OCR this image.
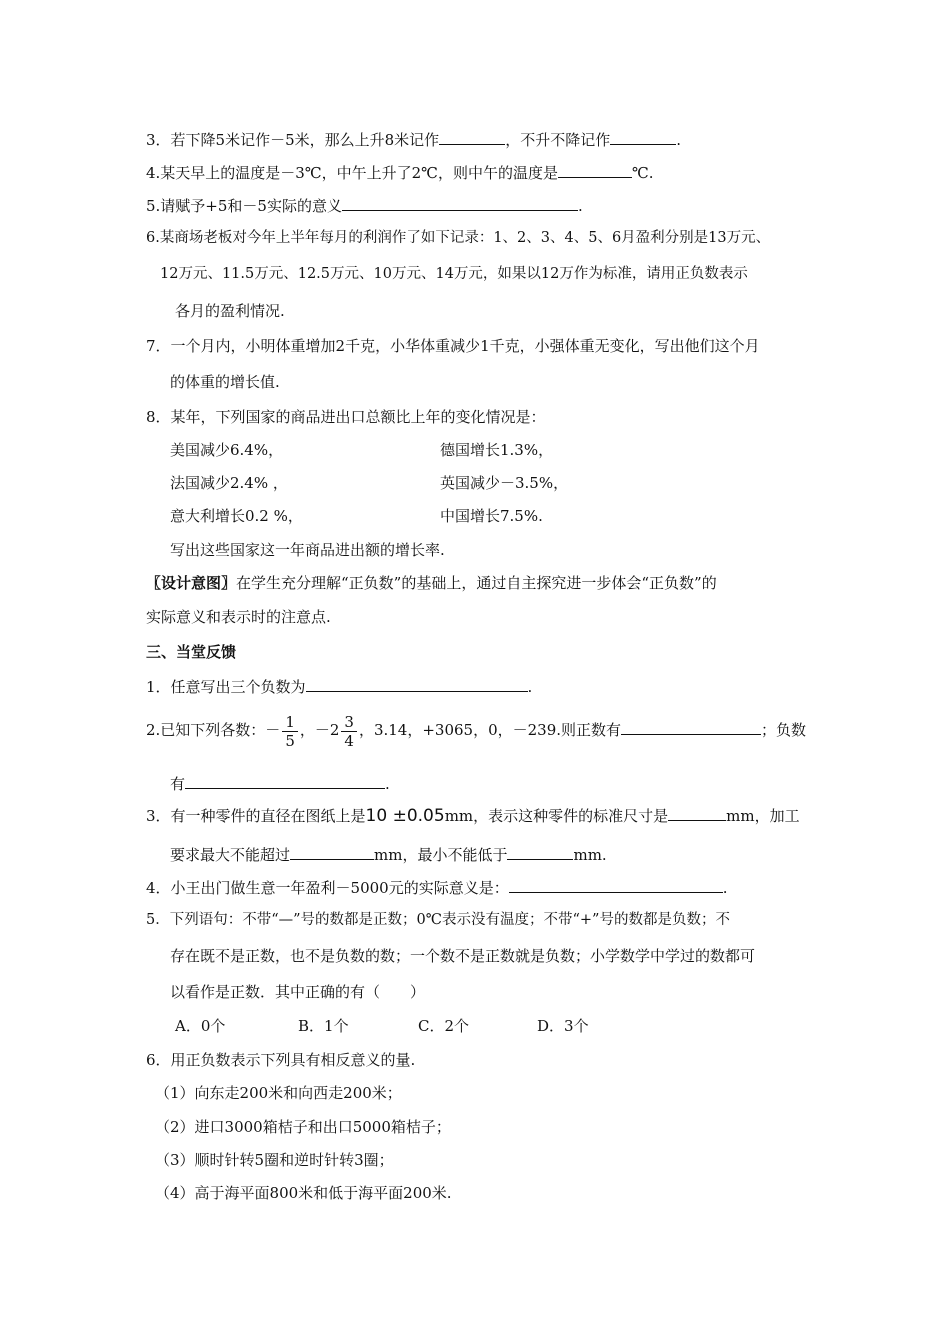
3．若下降5米记作－5米，那么上升8米记作	，不升不降记作	.
4.某天早上的温度是－3℃，中午上升了2℃，则中午的温度是	℃.
5.请赋予+5和－5实际的意义	.
6.某商场老板对今年上半年每月的利润作了如下记录：1、2、3、4、5、6月盈利分别是13万元、
12万元、11.5万元、12.5万元、10万元、14万元，如果以12万作为标准，请用正负数表示
各月的盈利情况.
7．一个月内，小明体重增加2千克，小华体重减少1千克，小强体重无变化，写出他们这个月
的体重的增长值.
8．某年，下列国家的商品进出口总额比上年的变化情况是：
美国减少6.4%，	德国增长1.3%，
法国减少2.4% ，	英国减少－3.5%，
意大利增长0.2 %，	中国增长7.5%.
写出这些国家这一年商品进出额的增长率.
〖设计意图〗在学生充分理解“正负数”的基础上，通过自主探究进一步体会“正负数”的
实际意义和表示时的注意点.
三、当堂反馈
1．任意写出三个负数为	.
2.已知下列各数：－ $\frac{1}{5}$ ，$-2 \frac{3}{4}$ ，3.14，+3065，0，－239.则正数有	；负数
有	.
3．有一种零件的直径在图纸上是10 ±0.05mm，表示这种零件的标准尺寸是	mm，加工
要求最大不能超过	mm，最小不能低于	mm.
4．小王出门做生意一年盈利－5000元的实际意义是：	.
5．下列语句：不带“—”号的数都是正数；0℃表示没有温度；不带“+”号的数都是负数；不
存在既不是正数，也不是负数的数；一个数不是正数就是负数；小学数学中学过的数都可
以看作是正数．其中正确的有（　　）
A．0个	B．1个	C．2个	D．3个
6．用正负数表示下列具有相反意义的量.
（1）向东走200米和向西走200米；
（2）进口3000箱桔子和出口5000箱桔子；
（3）顺时针转5圈和逆时针转3圈；
（4）高于海平面800米和低于海平面200米.
